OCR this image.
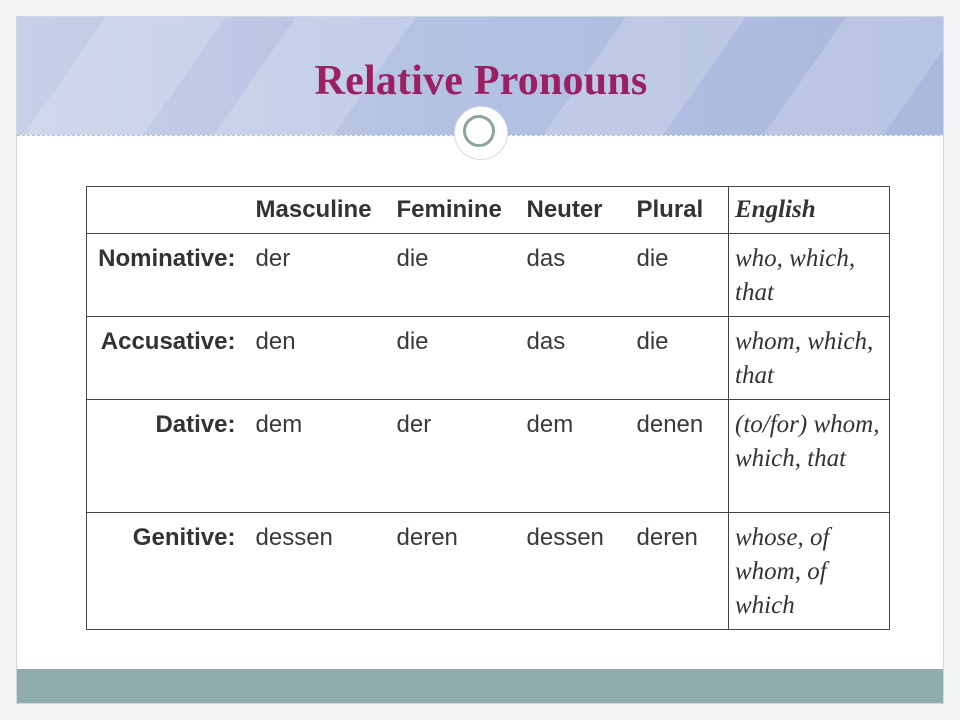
Relative Pronouns
	Masculine	Feminine	Neuter	Plural	English
Nominative:	der	die	das	die	who, which, that
Accusative:	den	die	das	die	whom, which, that
Dative:	dem	der	dem	denen	(to/for) whom, which, that
Genitive:	dessen	deren	dessen	deren	whose, of whom, of which
